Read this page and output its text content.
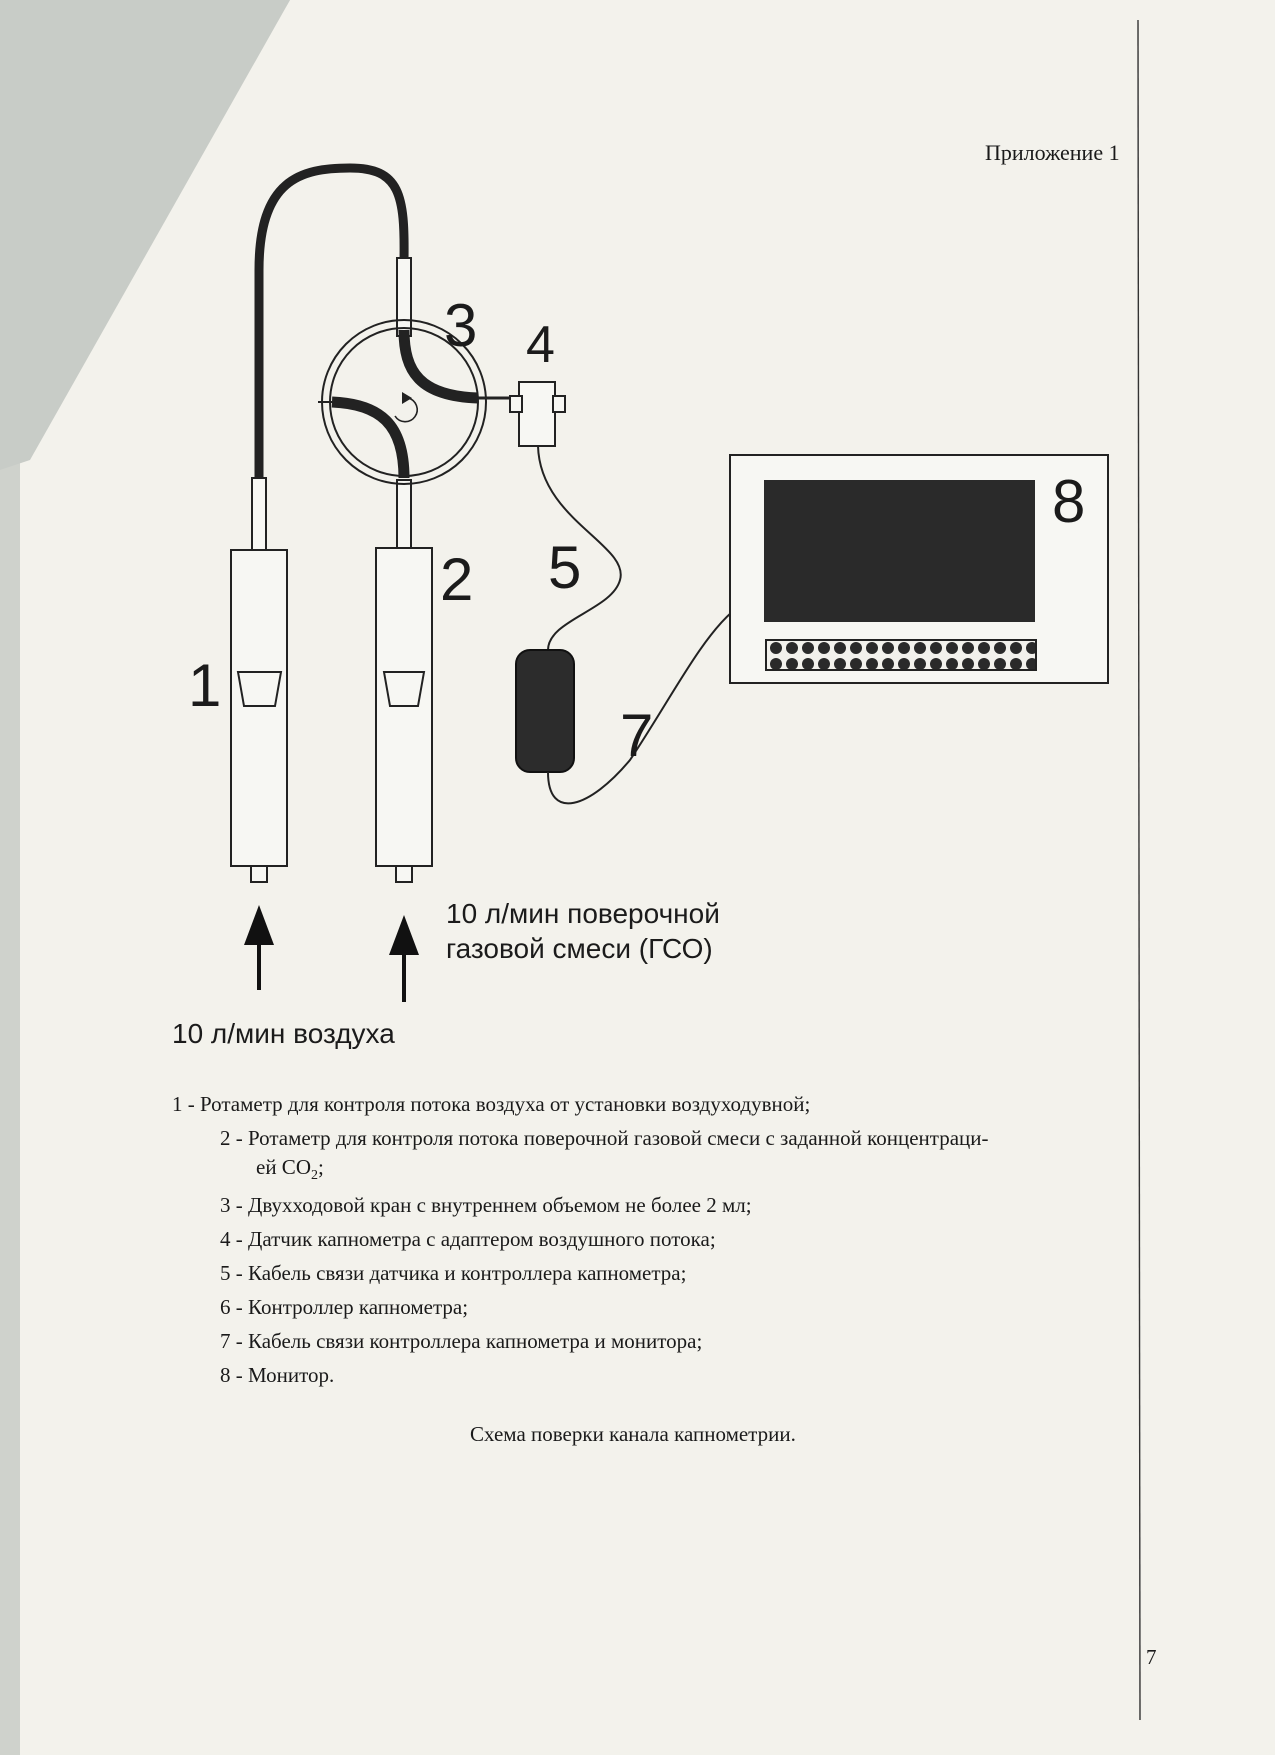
Приложение 1
1
2
3 4
5
7
8
10 л/мин поверочной
газовой смеси (ГСО)
10 л/мин воздуха
1 - Ротаметр для контроля потока воздуха от установки воздуходувной;
2 - Ротаметр для контроля потока поверочной газовой смеси с заданной концентраци-
ей $CO_2$;
3 - Двухходовой кран с внутреннем объемом не более 2 мл;
4 - Датчик капнометра с адаптером воздушного потока;
5 - Кабель связи датчика и контроллера капнометра;
6 - Контроллер капнометра;
7 - Кабель связи контроллера капнометра и монитора;
8 - Монитор.
Схема поверки канала капнометрии.
7
